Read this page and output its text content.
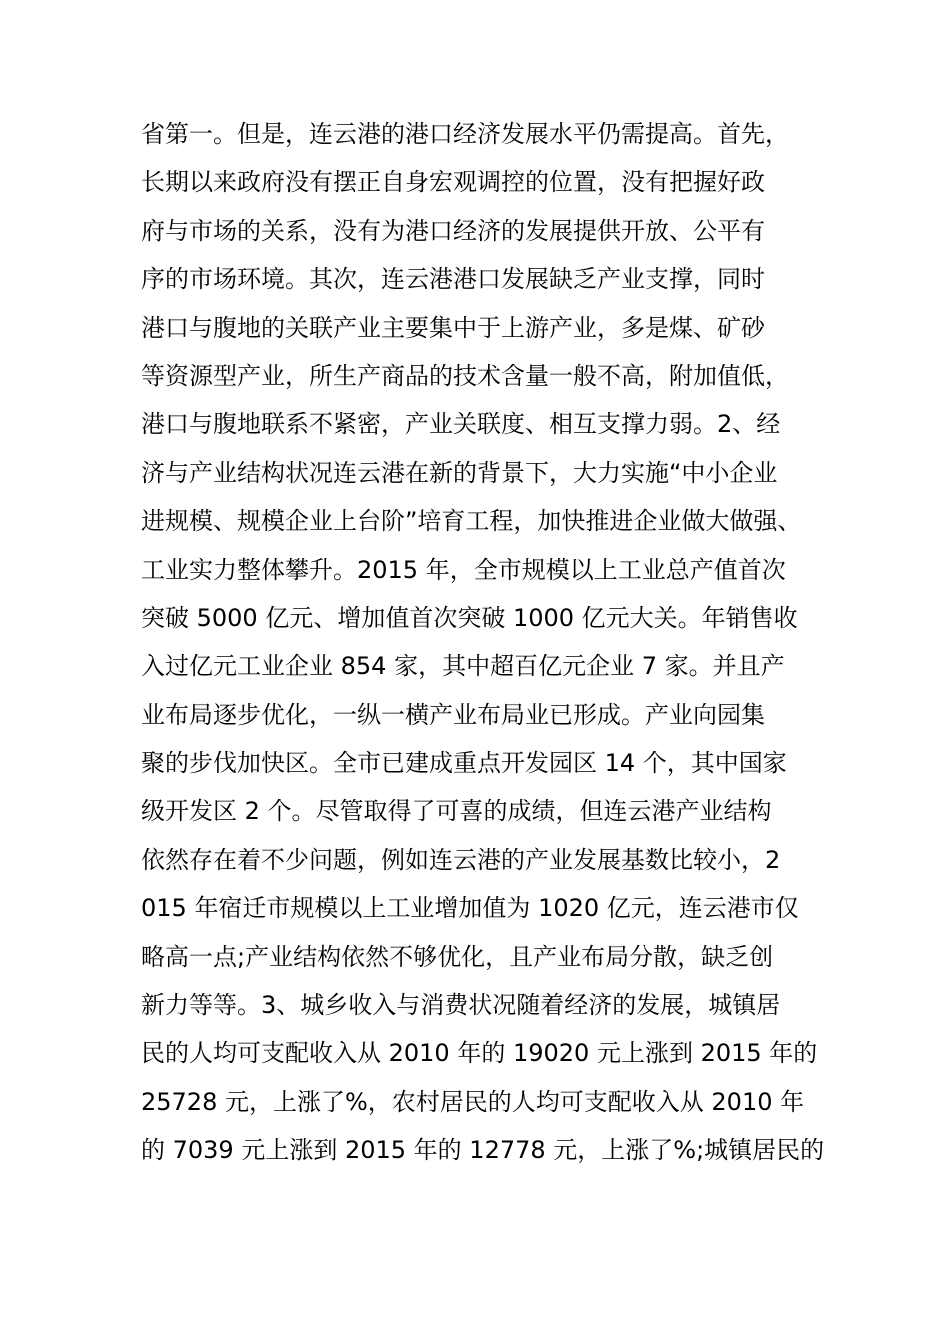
省第一。但是，连云港的港口经济发展水平仍需提高。首先，
长期以来政府没有摆正自身宏观调控的位置，没有把握好政
府与市场的关系，没有为港口经济的发展提供开放、公平有
序的市场环境。其次，连云港港口发展缺乏产业支撑，同时
港口与腹地的关联产业主要集中于上游产业，多是煤、矿砂
等资源型产业，所生产商品的技术含量一般不高，附加值低，
港口与腹地联系不紧密，产业关联度、相互支撑力弱。2、经
济与产业结构状况连云港在新的背景下，大力实施“中小企业
进规模、规模企业上台阶”培育工程，加快推进企业做大做强、
工业实力整体攀升。2015 年，全市规模以上工业总产值首次
突破 5000 亿元、增加值首次突破 1000 亿元大关。年销售收
入过亿元工业企业 854 家，其中超百亿元企业 7 家。并且产
业布局逐步优化，一纵一横产业布局业已形成。产业向园集
聚的步伐加快区。全市已建成重点开发园区 14 个，其中国家
级开发区 2 个。尽管取得了可喜的成绩，但连云港产业结构
依然存在着不少问题，例如连云港的产业发展基数比较小，2
015 年宿迁市规模以上工业增加值为 1020 亿元，连云港市仅
略高一点;产业结构依然不够优化，且产业布局分散，缺乏创
新力等等。3、城乡收入与消费状况随着经济的发展，城镇居
民的人均可支配收入从 2010 年的 19020 元上涨到 2015 年的
25728 元，上涨了%，农村居民的人均可支配收入从 2010 年
的 7039 元上涨到 2015 年的 12778 元，上涨了%;城镇居民的
